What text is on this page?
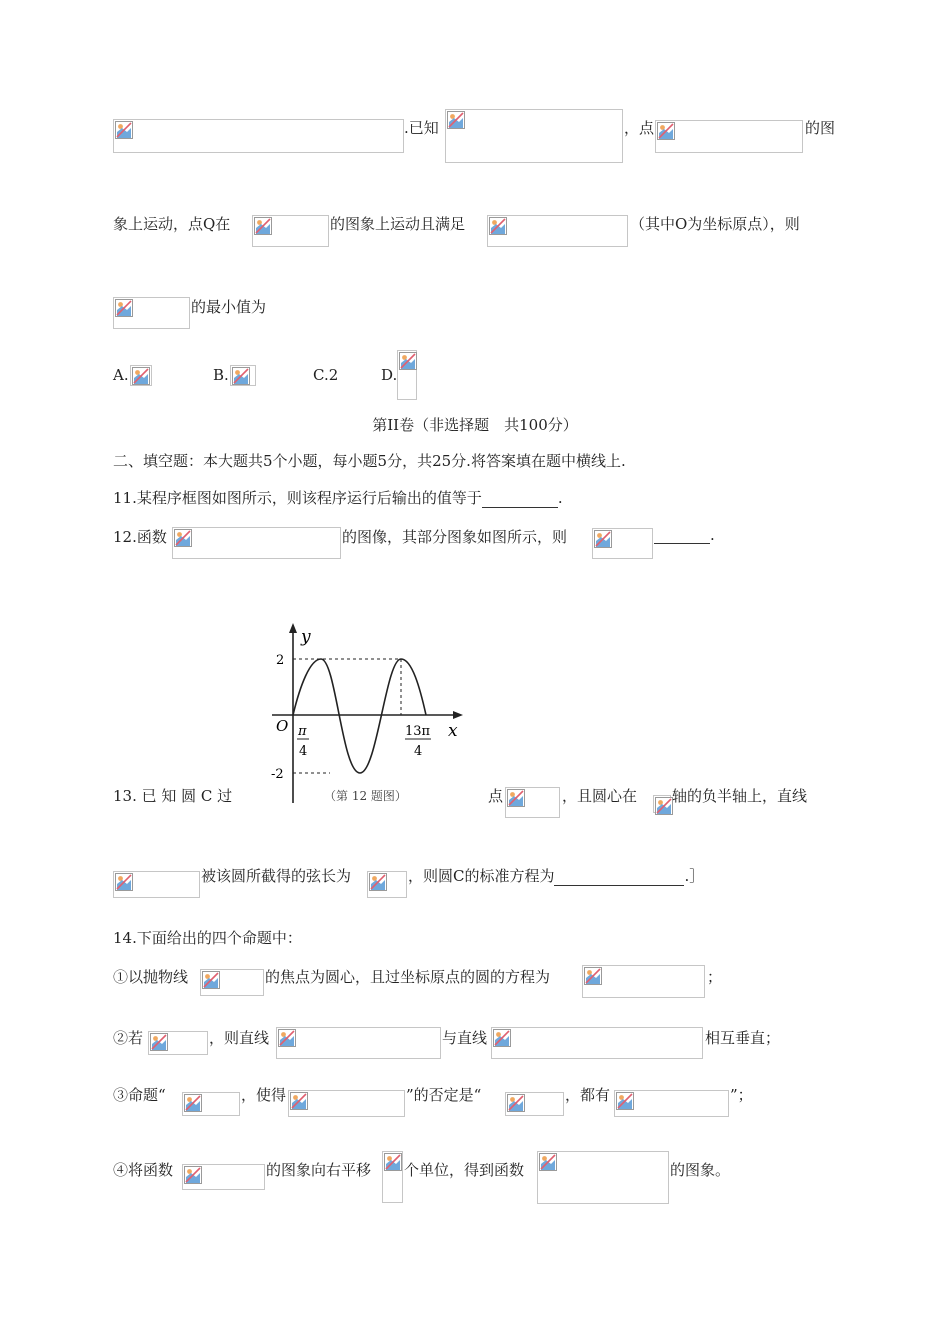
.已知	，点	的图
象上运动，点Q在	的图象上运动且满足	（其中O为坐标原点），则
的最小值为
A.	B.	C.2	D.
第II卷（非选择题　共100分）
二、填空题：本大题共5个小题，每小题5分，共25分.将答案填在题中横线上.
11.某程序框图如图所示，则该程序运行后输出的值等于	.
12.函数	的图像，其部分图象如图所示，则	.
y
x
O
2
-2
π
4
13π
4
（第 12 题图）
13. 已 知 圆 C 过	点	，且圆心在 轴的负半轴上，直线
被该圆所截得的弦长为	，则圆C的标准方程为	.］
14.下面给出的四个命题中：
①以抛物线	的焦点为圆心，且过坐标原点的圆的方程为	；
②若	，则直线	与直线	相互垂直；
③命题“	，使得	”的否定是“	，都有	”；
④将函数	的图象向右平移 个单位，得到函数	的图象。
